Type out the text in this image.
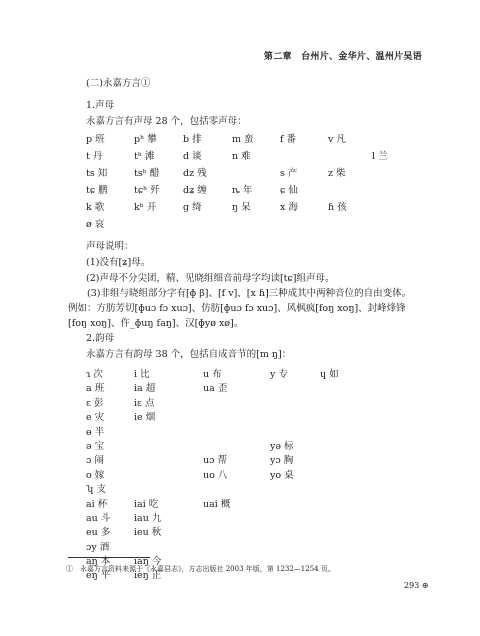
第二章　台州片、金华片、温州片吴语
(二)永嘉方言①
1.声母
永嘉方言有声母 28 个，包括零声母：
p 班	pʰ 攀	b 排	m 蛮	f 番	v 凡
t 丹	tʰ 滩	d 谈	n 难	l 兰
ts 知	tsʰ 醋 dz 残	s 产	z 柴
tɕ 鹏	tɕʰ 歼 dʑ 缠	ȵ 年	ɕ 仙
k 歌	kʰ 开	g 绮	ŋ 呆	x 海	ɦ 孩
ø 哀
声母说明：
(1)没有[ʑ]母。
(2)声母不分尖团，精、见晓组细音前母字均读[tɕ]组声母。
(3)非组与晓组部分字有[ɸ β]、[f v]、[x ɦ]三种成其中两种音位的自由变体。例如：方肪芳切[ɸuɔ fɔ xuɔ]、仿肪[ɸuɔ fɔ xuɔ]、风枫疯[foŋ xoŋ]、封峰烽锋[foŋ xoŋ]、仵_ɸuŋ faŋ]、汉[ɸyø xø]。
2.韵母
永嘉方言有韵母 38 个，包括自成音节的[m ŋ]：
ɿ 次	i 比	u 布	y 专	ɥ 如
a 班	ia 超	ua 歪
ɛ 彭	iɛ 点
e 灾	ie 烟
ɵ 半
ə 宝	yə 标
ɔ 闹	uɔ 帮	yɔ 胸
o 嫁	uo 八	yo 桌
ʮ 支
ai 杯	iai 吃	uai 概
au 斗 iau 九
eu 多 ieu 秋
ɔy 酒
aŋ 本 iaŋ 今
eŋ 平 ieŋ 正
①　永嘉方言资料来源于《永嘉县志》，方志出版社 2003 年版，第 1232—1254 页。
293 ⊕
